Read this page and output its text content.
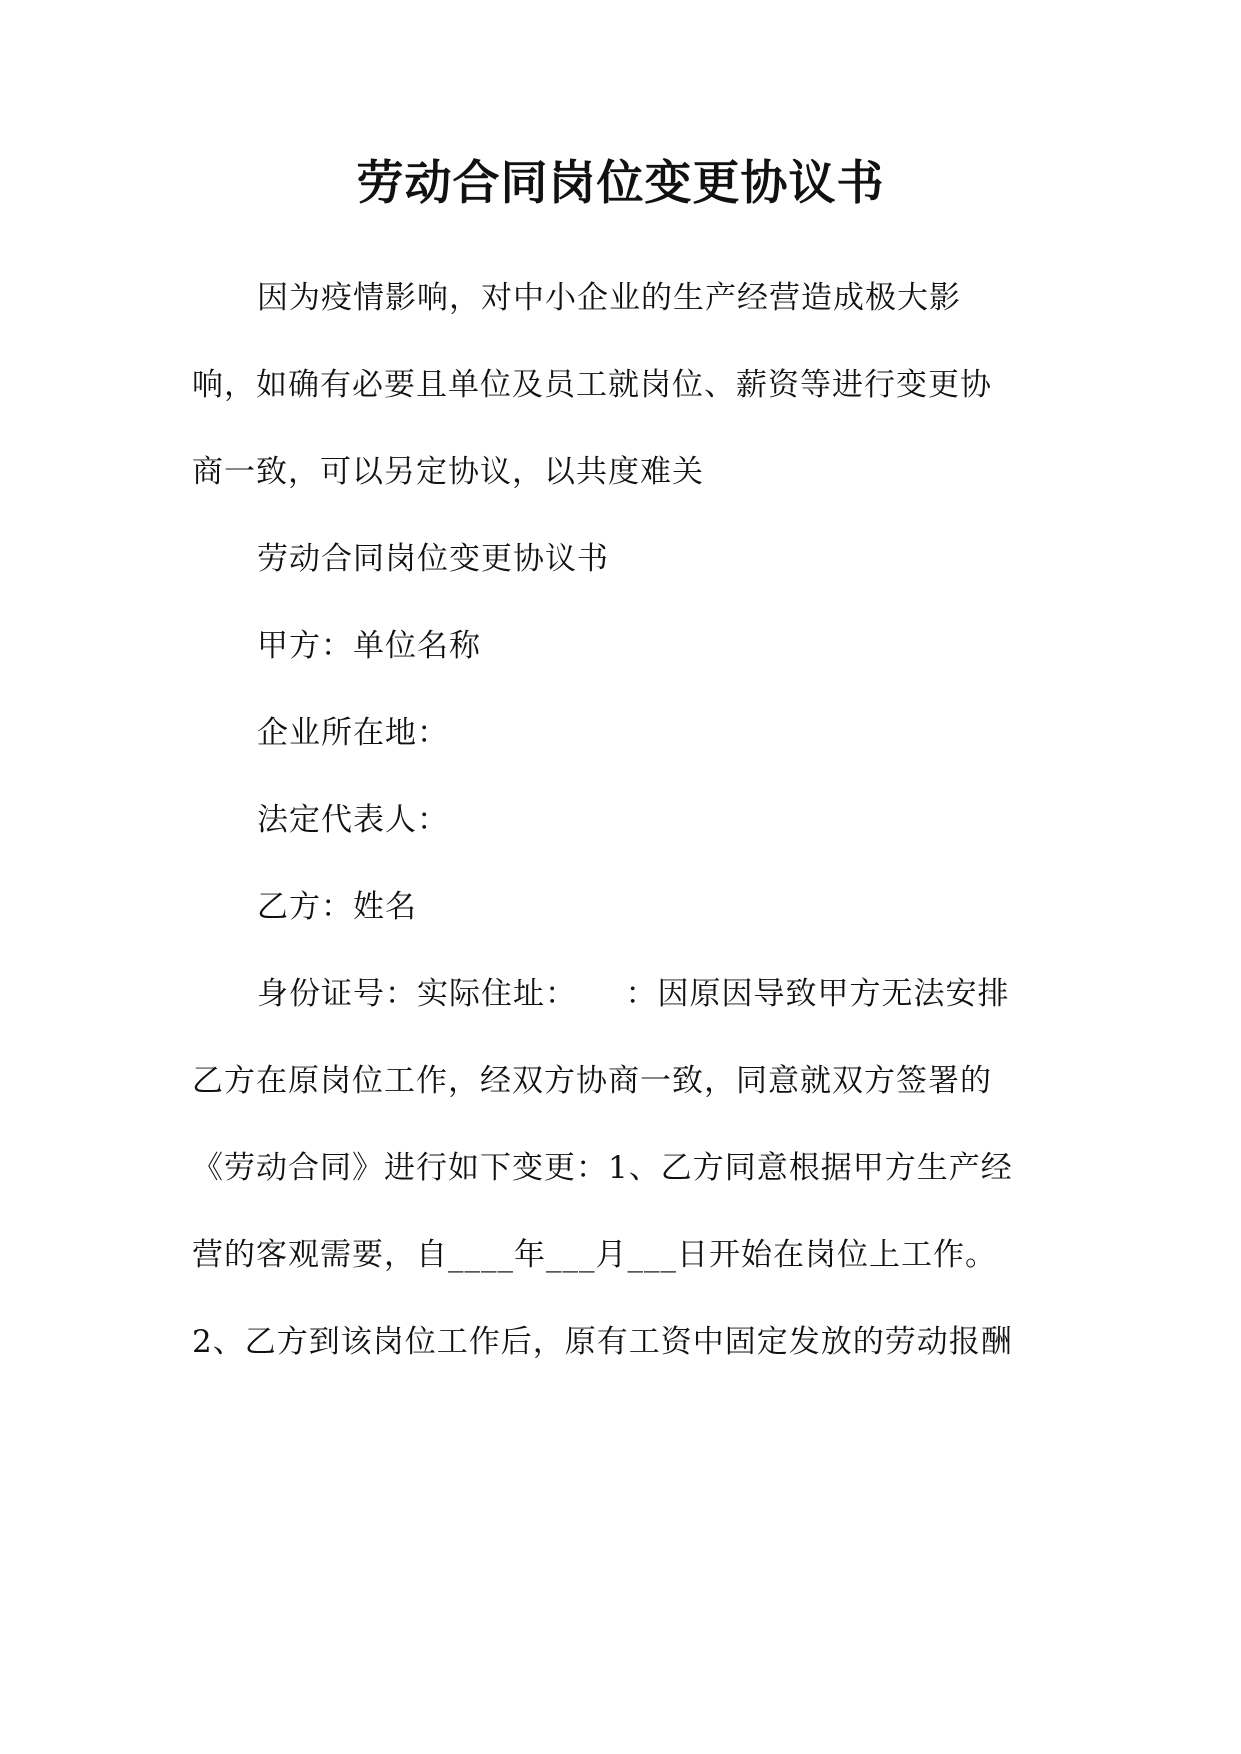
劳动合同岗位变更协议书
因为疫情影响，对中小企业的生产经营造成极大影
响，如确有必要且单位及员工就岗位、薪资等进行变更协
商一致，可以另定协议，以共度难关
劳动合同岗位变更协议书
甲方：单位名称
企业所在地：
法定代表人：
乙方：姓名
身份证号：实际住址：　　：因原因导致甲方无法安排
乙方在原岗位工作，经双方协商一致，同意就双方签署的
《劳动合同》进行如下变更：1、乙方同意根据甲方生产经
营的客观需要，自____年___月___日开始在岗位上工作。
2、乙方到该岗位工作后，原有工资中固定发放的劳动报酬
